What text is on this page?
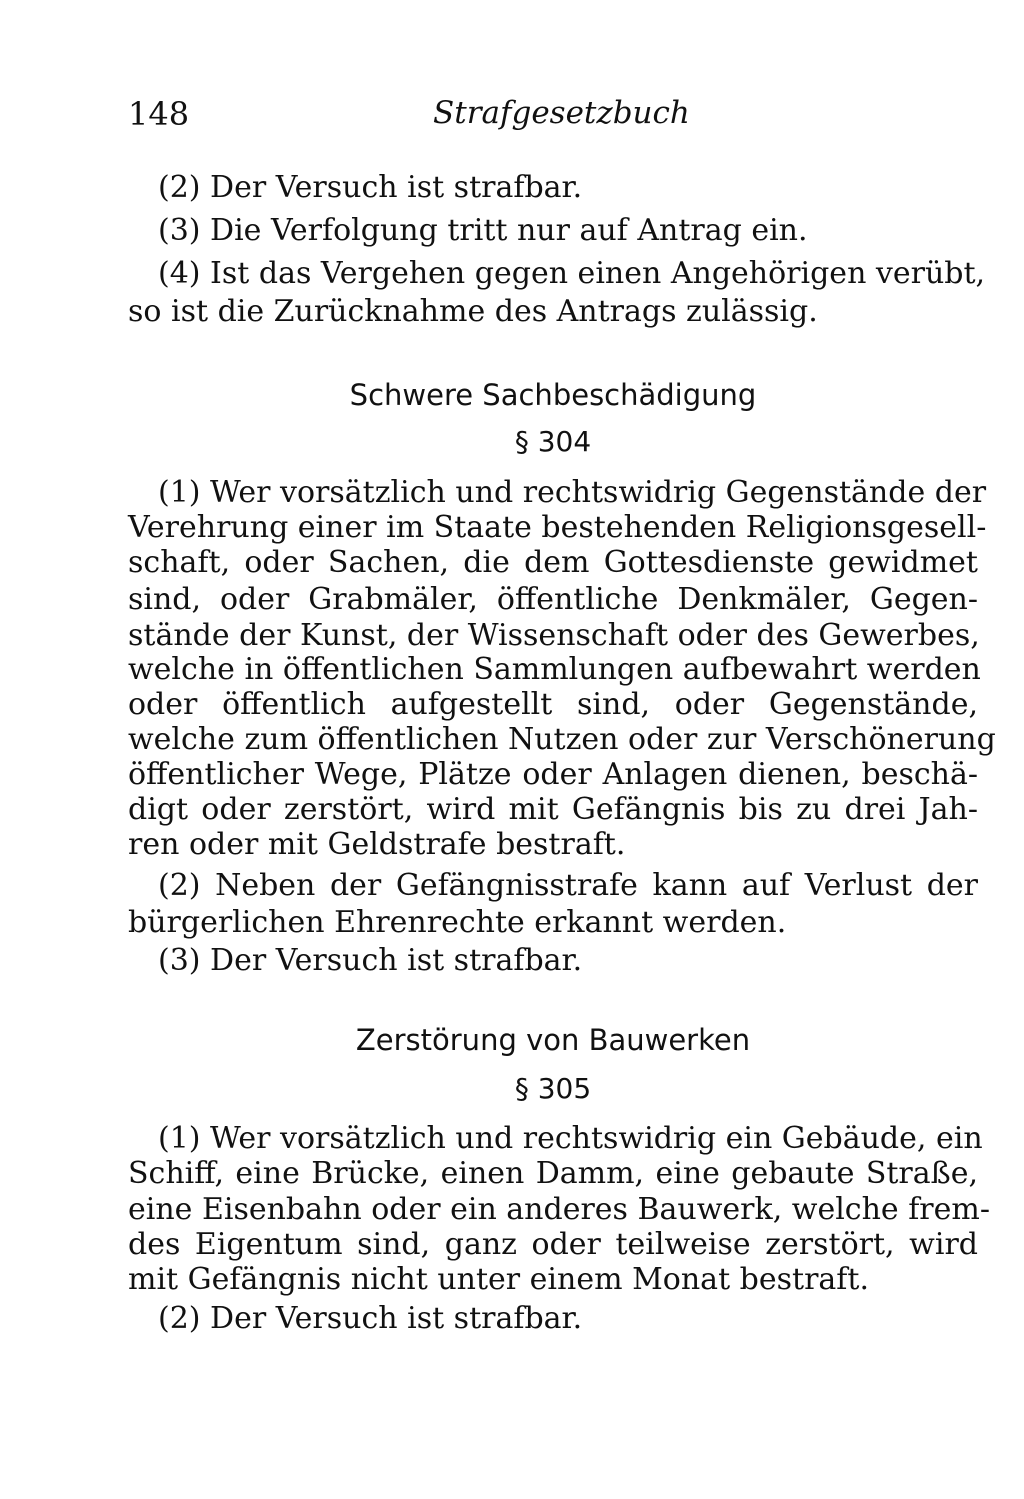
148	Strafgesetzbuch
(2) Der Versuch ist strafbar.
(3) Die Verfolgung tritt nur auf Antrag ein.
(4) Ist das Vergehen gegen einen Angehörigen verübt,
so ist die Zurücknahme des Antrags zulässig.
Schwere Sachbeschädigung
§ 304
(1) Wer vorsätzlich und rechtswidrig Gegenstände der
Verehrung einer im Staate bestehenden Religionsgesell-
schaft, oder Sachen, die dem Gottesdienste gewidmet
sind, oder Grabmäler, öffentliche Denkmäler, Gegen-
stände der Kunst, der Wissenschaft oder des Gewerbes,
welche in öffentlichen Sammlungen aufbewahrt werden
oder öffentlich aufgestellt sind, oder Gegenstände,
welche zum öffentlichen Nutzen oder zur Verschönerung
öffentlicher Wege, Plätze oder Anlagen dienen, beschä-
digt oder zerstört, wird mit Gefängnis bis zu drei Jah-
ren oder mit Geldstrafe bestraft.
(2) Neben der Gefängnisstrafe kann auf Verlust der
bürgerlichen Ehrenrechte erkannt werden.
(3) Der Versuch ist strafbar.
Zerstörung von Bauwerken
§ 305
(1) Wer vorsätzlich und rechtswidrig ein Gebäude, ein
Schiff, eine Brücke, einen Damm, eine gebaute Straße,
eine Eisenbahn oder ein anderes Bauwerk, welche frem-
des Eigentum sind, ganz oder teilweise zerstört, wird
mit Gefängnis nicht unter einem Monat bestraft.
(2) Der Versuch ist strafbar.
